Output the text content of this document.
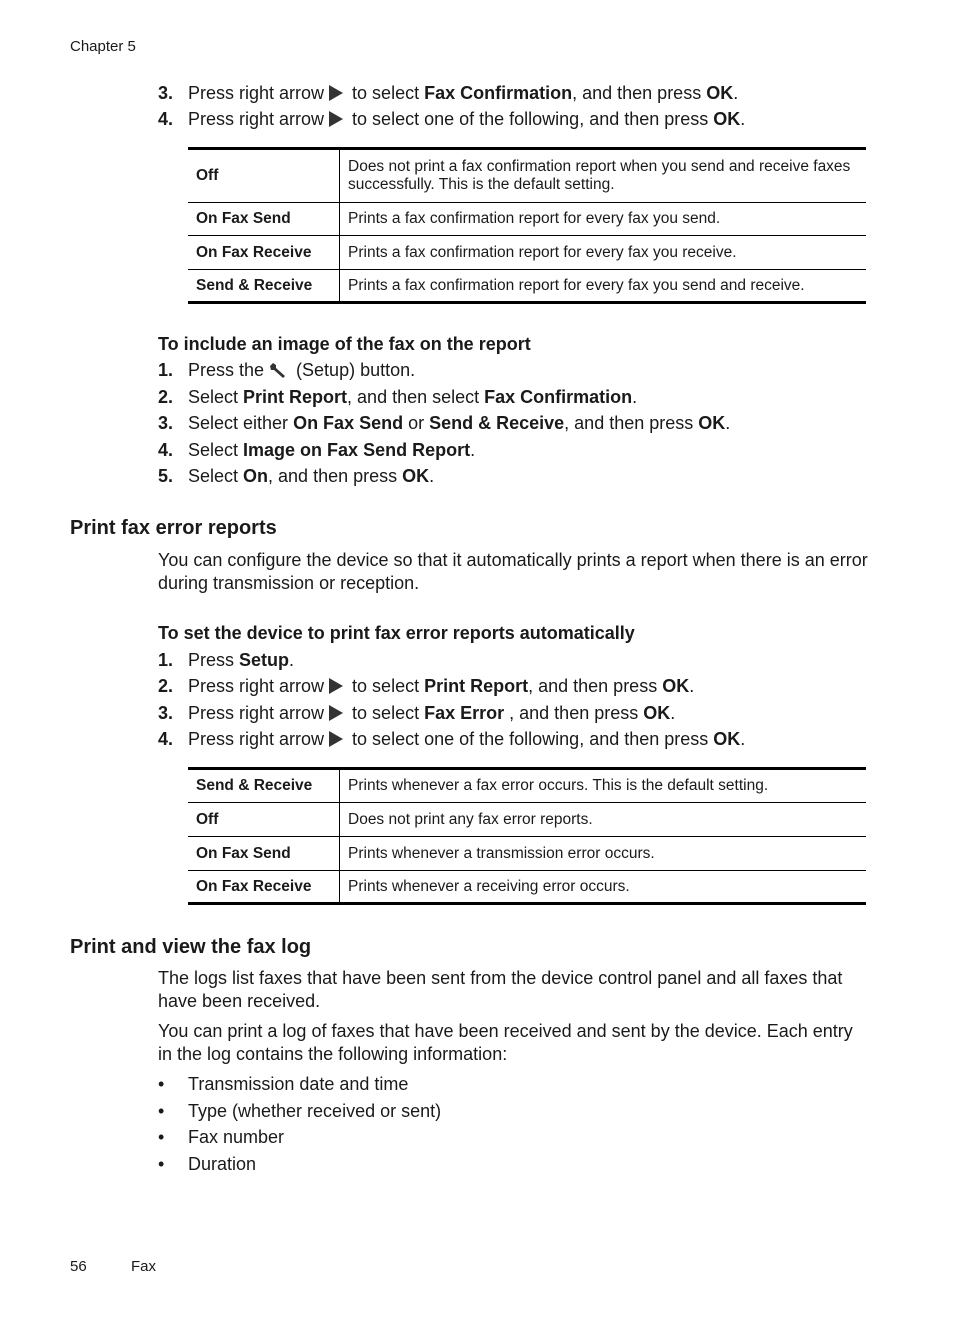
Chapter 5
3. Press right arrow to select Fax Confirmation, and then press OK.
4. Press right arrow to select one of the following, and then press OK.
Off	Does not print a fax confirmation report when you send and receive faxes successfully. This is the default setting.
On Fax Send	Prints a fax confirmation report for every fax you send.
On Fax Receive	Prints a fax confirmation report for every fax you receive.
Send & Receive	Prints a fax confirmation report for every fax you send and receive.
To include an image of the fax on the report
1. Press the (Setup) button.
2. Select Print Report, and then select Fax Confirmation.
3. Select either On Fax Send or Send & Receive, and then press OK.
4. Select Image on Fax Send Report.
5. Select On, and then press OK.
Print fax error reports
You can configure the device so that it automatically prints a report when there is an error during transmission or reception.
To set the device to print fax error reports automatically
1. Press Setup.
2. Press right arrow to select Print Report, and then press OK.
3. Press right arrow to select Fax Error , and then press OK.
4. Press right arrow to select one of the following, and then press OK.
Send & Receive	Prints whenever a fax error occurs. This is the default setting.
Off	Does not print any fax error reports.
On Fax Send	Prints whenever a transmission error occurs.
On Fax Receive	Prints whenever a receiving error occurs.
Print and view the fax log
The logs list faxes that have been sent from the device control panel and all faxes that have been received.
You can print a log of faxes that have been received and sent by the device. Each entry in the log contains the following information:
• Transmission date and time
• Type (whether received or sent)
• Fax number
• Duration
56	Fax
